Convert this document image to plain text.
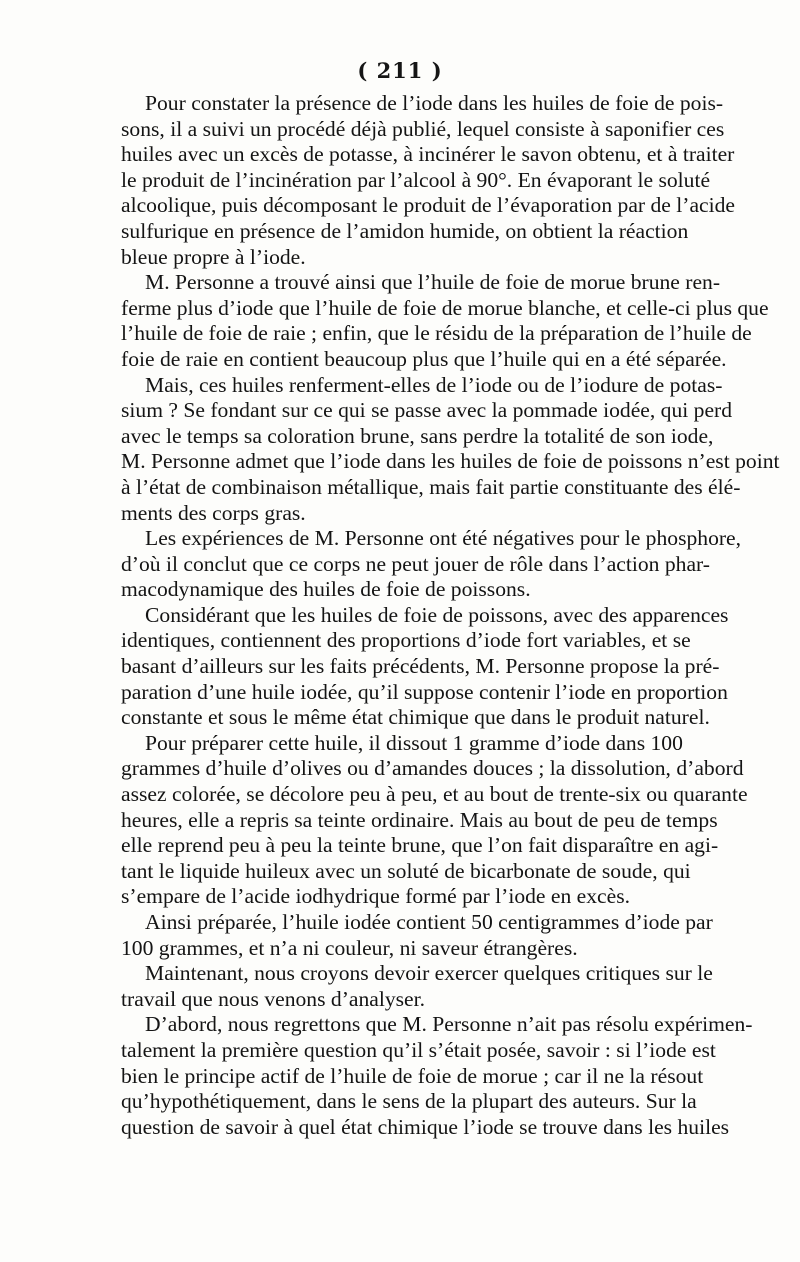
( 211 )
Pour constater la présence de l’iode dans les huiles de foie de pois-
sons, il a suivi un procédé déjà publié, lequel consiste à saponifier ces
huiles avec un excès de potasse, à incinérer le savon obtenu, et à traiter
le produit de l’incinération par l’alcool à 90°. En évaporant le soluté
alcoolique, puis décomposant le produit de l’évaporation par de l’acide
sulfurique en présence de l’amidon humide, on obtient la réaction
bleue propre à l’iode.
M. Personne a trouvé ainsi que l’huile de foie de morue brune ren-
ferme plus d’iode que l’huile de foie de morue blanche, et celle-ci plus que
l’huile de foie de raie ; enfin, que le résidu de la préparation de l’huile de
foie de raie en contient beaucoup plus que l’huile qui en a été séparée.
Mais, ces huiles renferment-elles de l’iode ou de l’iodure de potas-
sium ? Se fondant sur ce qui se passe avec la pommade iodée, qui perd
avec le temps sa coloration brune, sans perdre la totalité de son iode,
M. Personne admet que l’iode dans les huiles de foie de poissons n’est point
à l’état de combinaison métallique, mais fait partie constituante des élé-
ments des corps gras.
Les expériences de M. Personne ont été négatives pour le phosphore,
d’où il conclut que ce corps ne peut jouer de rôle dans l’action phar-
macodynamique des huiles de foie de poissons.
Considérant que les huiles de foie de poissons, avec des apparences
identiques, contiennent des proportions d’iode fort variables, et se
basant d’ailleurs sur les faits précédents, M. Personne propose la pré-
paration d’une huile iodée, qu’il suppose contenir l’iode en proportion
constante et sous le même état chimique que dans le produit naturel.
Pour préparer cette huile, il dissout 1 gramme d’iode dans 100
grammes d’huile d’olives ou d’amandes douces ; la dissolution, d’abord
assez colorée, se décolore peu à peu, et au bout de trente-six ou quarante
heures, elle a repris sa teinte ordinaire. Mais au bout de peu de temps
elle reprend peu à peu la teinte brune, que l’on fait disparaître en agi-
tant le liquide huileux avec un soluté de bicarbonate de soude, qui
s’empare de l’acide iodhydrique formé par l’iode en excès.
Ainsi préparée, l’huile iodée contient 50 centigrammes d’iode par
100 grammes, et n’a ni couleur, ni saveur étrangères.
Maintenant, nous croyons devoir exercer quelques critiques sur le
travail que nous venons d’analyser.
D’abord, nous regrettons que M. Personne n’ait pas résolu expérimen-
talement la première question qu’il s’était posée, savoir : si l’iode est
bien le principe actif de l’huile de foie de morue ; car il ne la résout
qu’hypothétiquement, dans le sens de la plupart des auteurs. Sur la
question de savoir à quel état chimique l’iode se trouve dans les huiles
